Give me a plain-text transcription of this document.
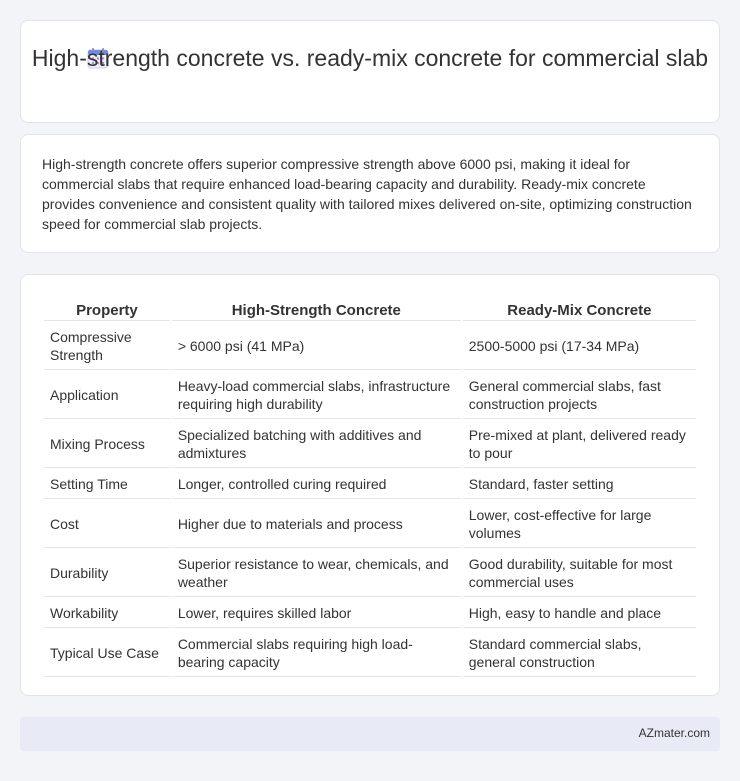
High-strength concrete vs. ready-mix concrete for commercial slab

High-strength concrete offers superior compressive strength above 6000 psi, making it ideal for commercial slabs that require enhanced load-bearing capacity and durability. Ready-mix concrete provides convenience and consistent quality with tailored mixes delivered on-site, optimizing construction speed for commercial slab projects.

Property	High-Strength Concrete	Ready-Mix Concrete
Compressive Strength	> 6000 psi (41 MPa)	2500-5000 psi (17-34 MPa)
Application	Heavy-load commercial slabs, infrastructure requiring high durability	General commercial slabs, fast construction projects
Mixing Process	Specialized batching with additives and admixtures	Pre-mixed at plant, delivered ready to pour
Setting Time	Longer, controlled curing required	Standard, faster setting
Cost	Higher due to materials and process	Lower, cost-effective for large volumes
Durability	Superior resistance to wear, chemicals, and weather	Good durability, suitable for most commercial uses
Workability	Lower, requires skilled labor	High, easy to handle and place
Typical Use Case	Commercial slabs requiring high load-bearing capacity	Standard commercial slabs, general construction
AZmater.com
